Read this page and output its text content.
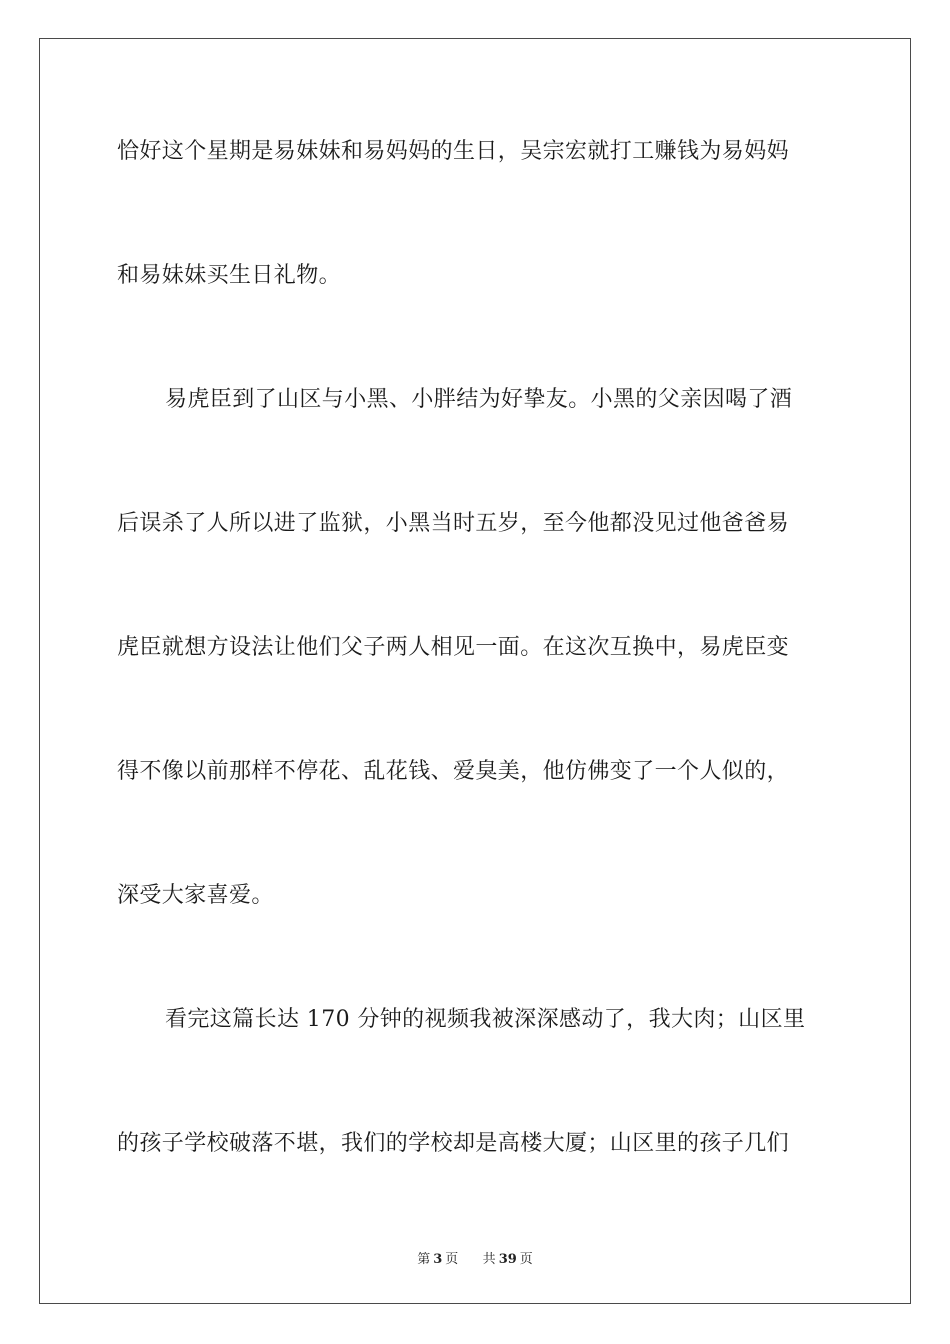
恰好这个星期是易妹妹和易妈妈的生日，吴宗宏就打工赚钱为易妈妈
和易妹妹买生日礼物。
易虎臣到了山区与小黑、小胖结为好挚友。小黑的父亲因喝了酒
后误杀了人所以进了监狱，小黑当时五岁，至今他都没见过他爸爸易
虎臣就想方设法让他们父子两人相见一面。在这次互换中，易虎臣变
得不像以前那样不停花、乱花钱、爱臭美，他仿佛变了一个人似的，
深受大家喜爱。
看完这篇长达 170 分钟的视频我被深深感动了，我大肉；山区里
的孩子学校破落不堪，我们的学校却是高楼大厦；山区里的孩子几们
第 3 页 共 39 页
